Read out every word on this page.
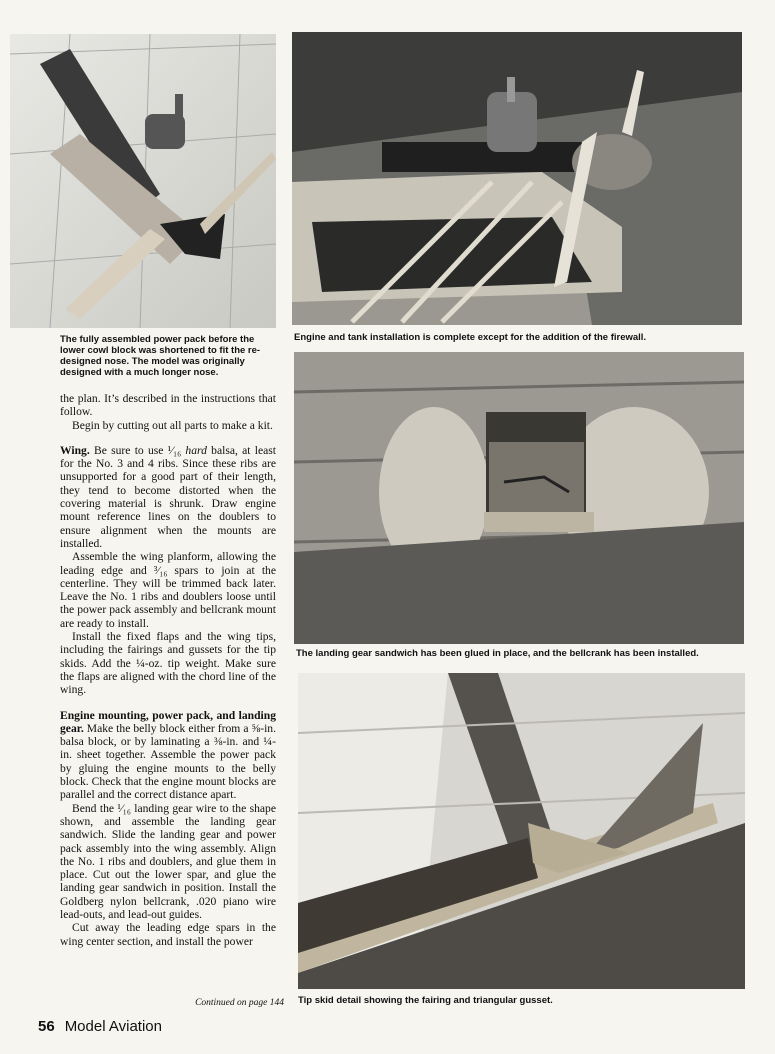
The fully assembled power pack before the lower cowl block was shortened to fit the re-designed nose. The model was originally designed with a much longer nose.
Engine and tank installation is complete except for the addition of the firewall.
The landing gear sandwich has been glued in place, and the bellcrank has been installed.
Tip skid detail showing the fairing and triangular gusset.

the plan. It’s described in the instructions that follow.

Begin by cutting out all parts to make a kit.

Wing. Be sure to use ¹⁄₁₆ hard balsa, at least for the No. 3 and 4 ribs. Since these ribs are unsupported for a good part of their length, they tend to become distorted when the covering material is shrunk. Draw engine mount reference lines on the doublers to ensure alignment when the mounts are installed.

Assemble the wing planform, allowing the leading edge and ³⁄₁₆ spars to join at the centerline. They will be trimmed back later. Leave the No. 1 ribs and doublers loose until the power pack assembly and bellcrank mount are ready to install.

Install the fixed flaps and the wing tips, including the fairings and gussets for the tip skids. Add the ¼-oz. tip weight. Make sure the flaps are aligned with the chord line of the wing.

Engine mounting, power pack, and landing gear. Make the belly block either from a ⅝-in. balsa block, or by laminating a ⅜-in. and ¼-in. sheet together. Assemble the power pack by gluing the engine mounts to the belly block. Check that the engine mount blocks are parallel and the correct distance apart.

Bend the ¹⁄₁₆ landing gear wire to the shape shown, and assemble the landing gear sandwich. Slide the landing gear and power pack assembly into the wing assembly. Align the No. 1 ribs and doublers, and glue them in place. Cut out the lower spar, and glue the landing gear sandwich in position. Install the Goldberg nylon bellcrank, .020 piano wire lead-outs, and lead-out guides.

Cut away the leading edge spars in the wing center section, and install the power

Continued on page 144
56 Model Aviation
